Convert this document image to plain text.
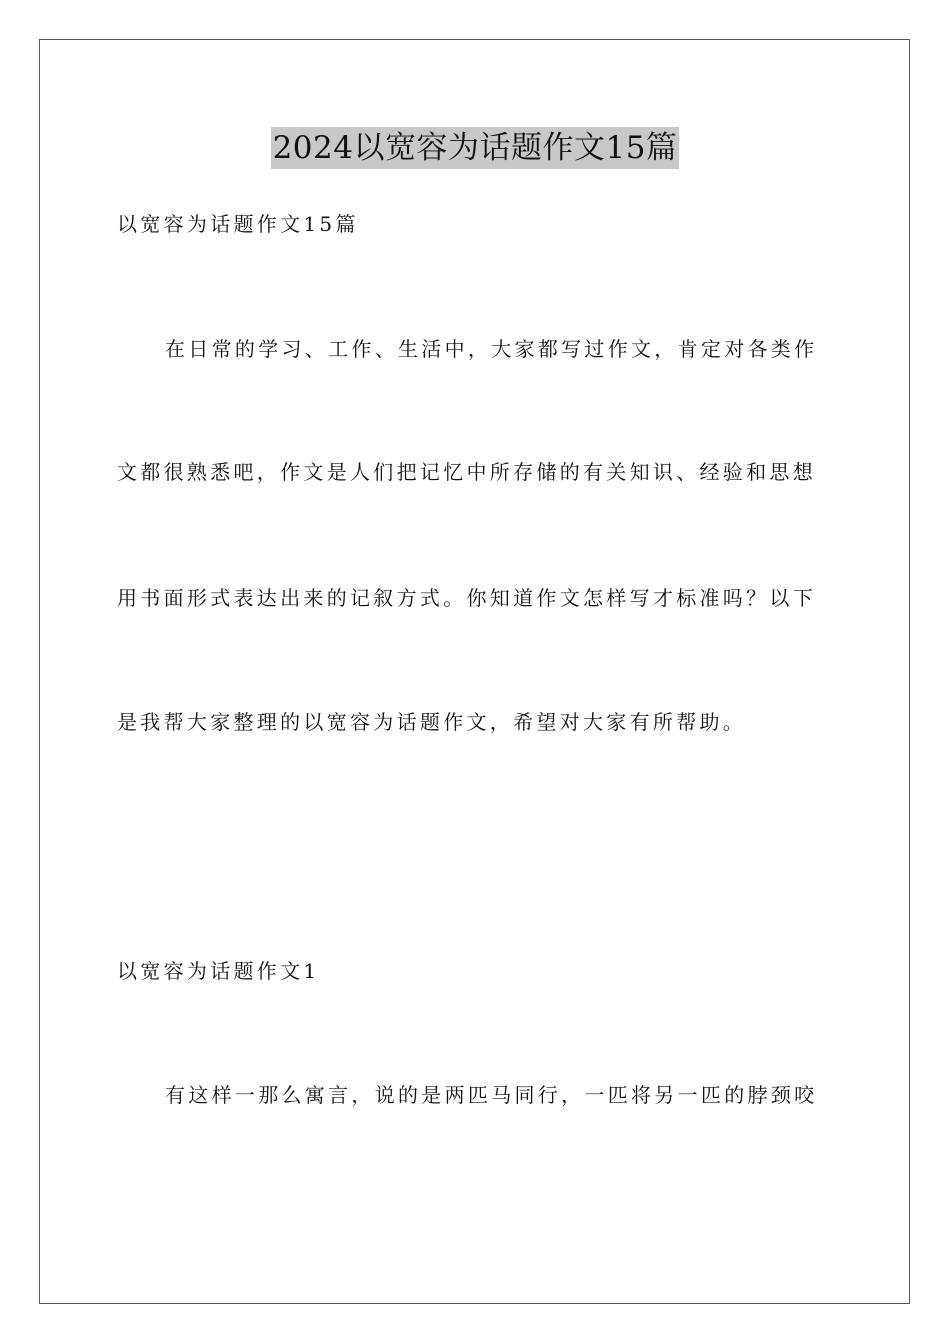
2024以宽容为话题作文15篇
以宽容为话题作文15篇
在日常的学习、工作、生活中，大家都写过作文，肯定对各类作
文都很熟悉吧，作文是人们把记忆中所存储的有关知识、经验和思想
用书面形式表达出来的记叙方式。你知道作文怎样写才标准吗？以下
是我帮大家整理的以宽容为话题作文，希望对大家有所帮助。
以宽容为话题作文1
有这样一那么寓言，说的是两匹马同行，一匹将另一匹的脖颈咬
